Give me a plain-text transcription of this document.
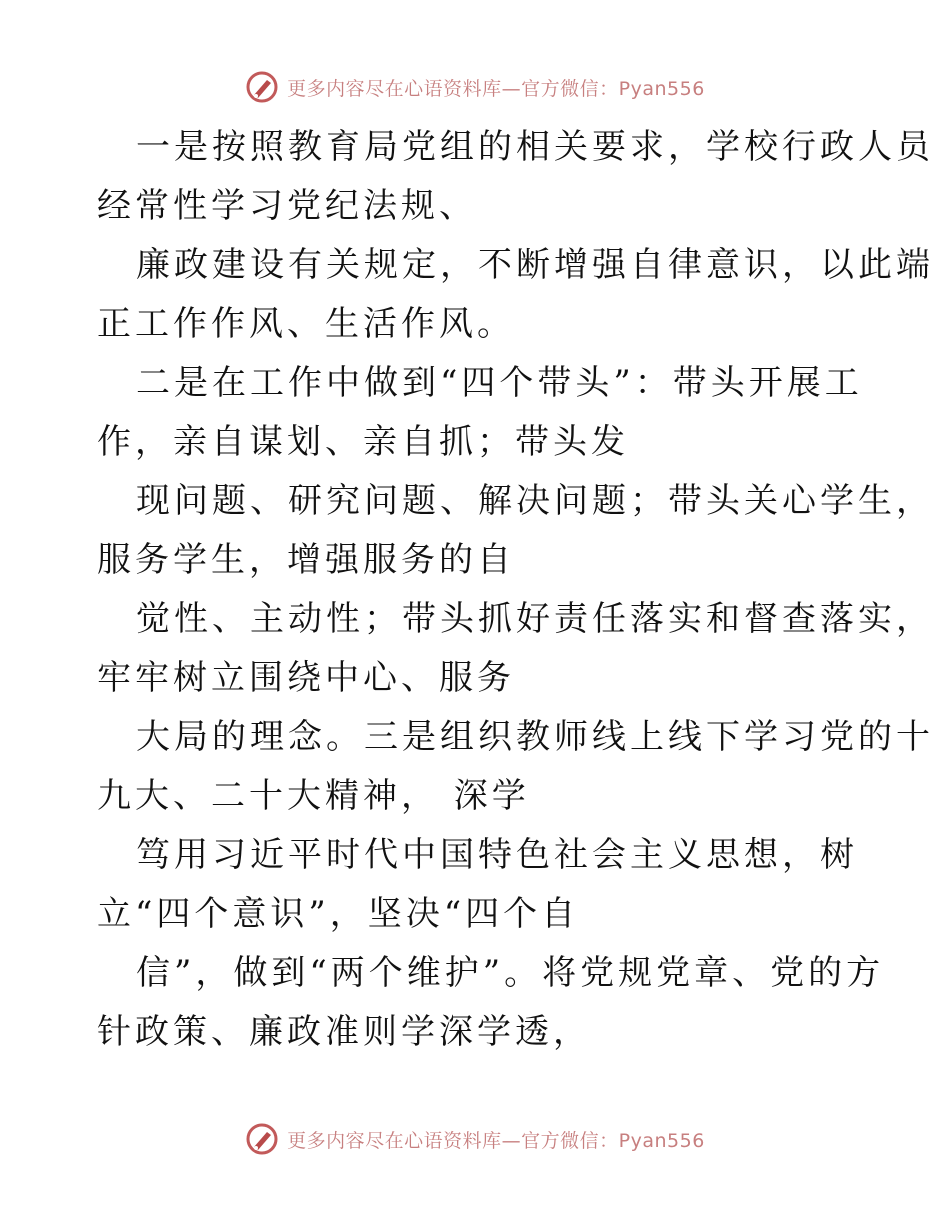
更多内容尽在心语资料库—官方微信：Pyan556
一是按照教育局党组的相关要求，学校行政人员
经常性学习党纪法规、
廉政建设有关规定，不断增强自律意识，以此端
正工作作风、生活作风。
二是在工作中做到“四个带头”：带头开展工
作，亲自谋划、亲自抓；带头发
现问题、研究问题、解决问题；带头关心学生，
服务学生，增强服务的自
觉性、主动性；带头抓好责任落实和督查落实，
牢牢树立围绕中心、服务
大局的理念。三是组织教师线上线下学习党的十
九大、二十大精神， 深学
笃用习近平时代中国特色社会主义思想，树
立“四个意识”，坚决“四个自
信”，做到“两个维护”。将党规党章、党的方
针政策、廉政准则学深学透，
更多内容尽在心语资料库—官方微信：Pyan556
